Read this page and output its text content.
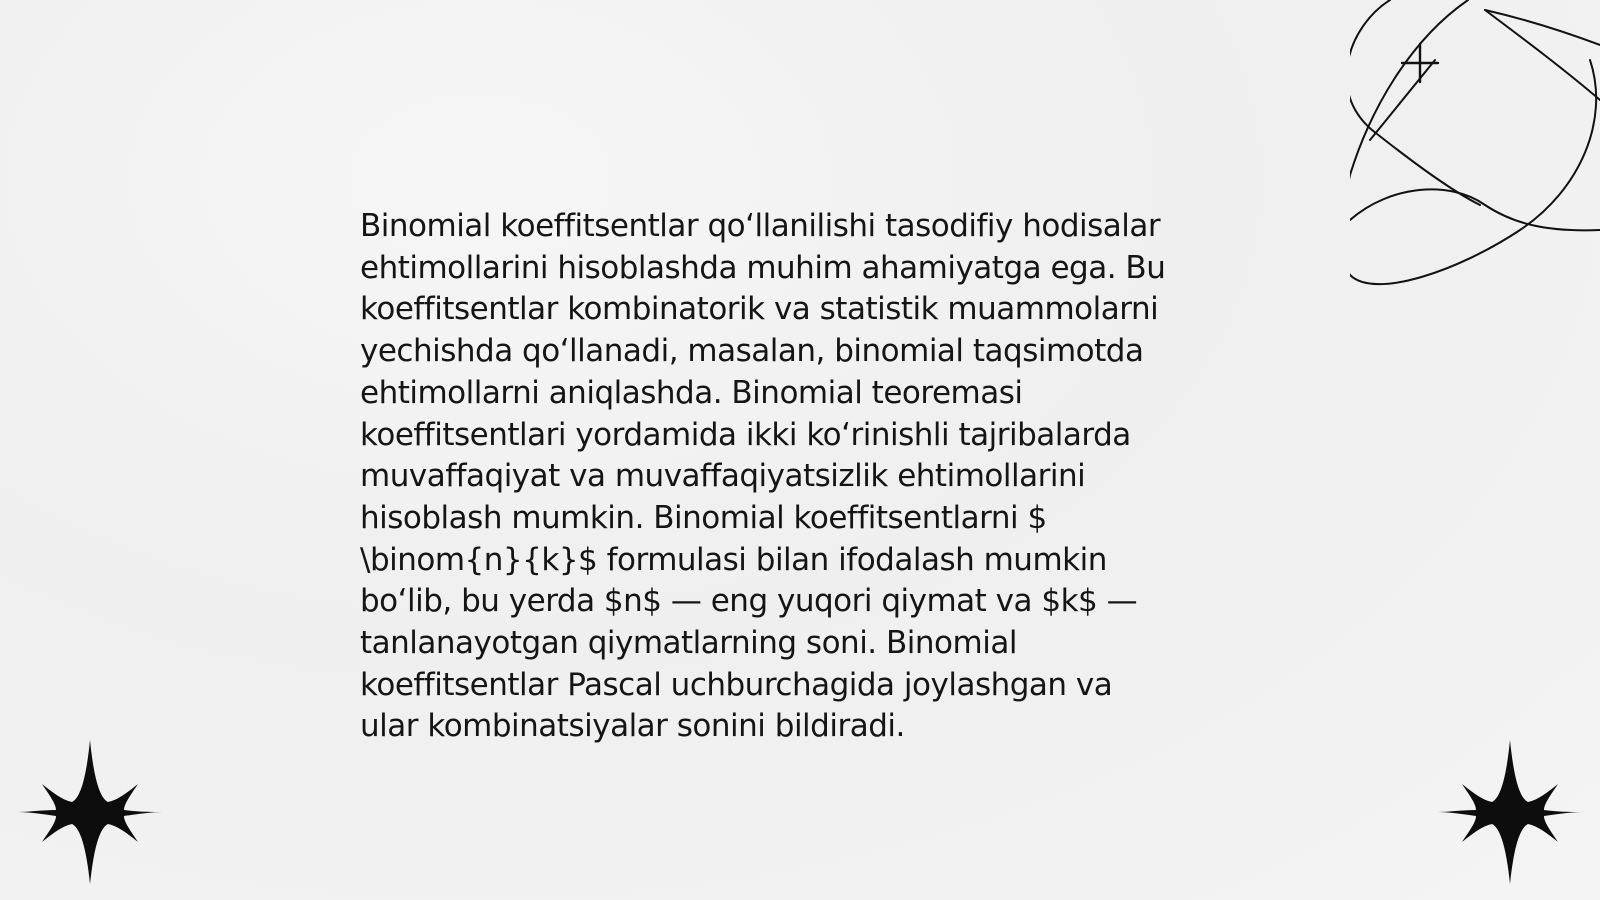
Binomial koeffitsentlar qo‘llanilishi tasodifiy hodisalar
ehtimollarini hisoblashda muhim ahamiyatga ega. Bu
koeffitsentlar kombinatorik va statistik muammolarni
yechishda qo‘llanadi, masalan, binomial taqsimotda
ehtimollarni aniqlashda. Binomial teoremasi
koeffitsentlari yordamida ikki ko‘rinishli tajribalarda
muvaffaqiyat va muvaffaqiyatsizlik ehtimollarini
hisoblash mumkin. Binomial koeffitsentlarni $
\binom{n}{k}$ formulasi bilan ifodalash mumkin
bo‘lib, bu yerda $n$ — eng yuqori qiymat va $k$ —
tanlanayotgan qiymatlarning soni. Binomial
koeffitsentlar Pascal uchburchagida joylashgan va
ular kombinatsiyalar sonini bildiradi.
